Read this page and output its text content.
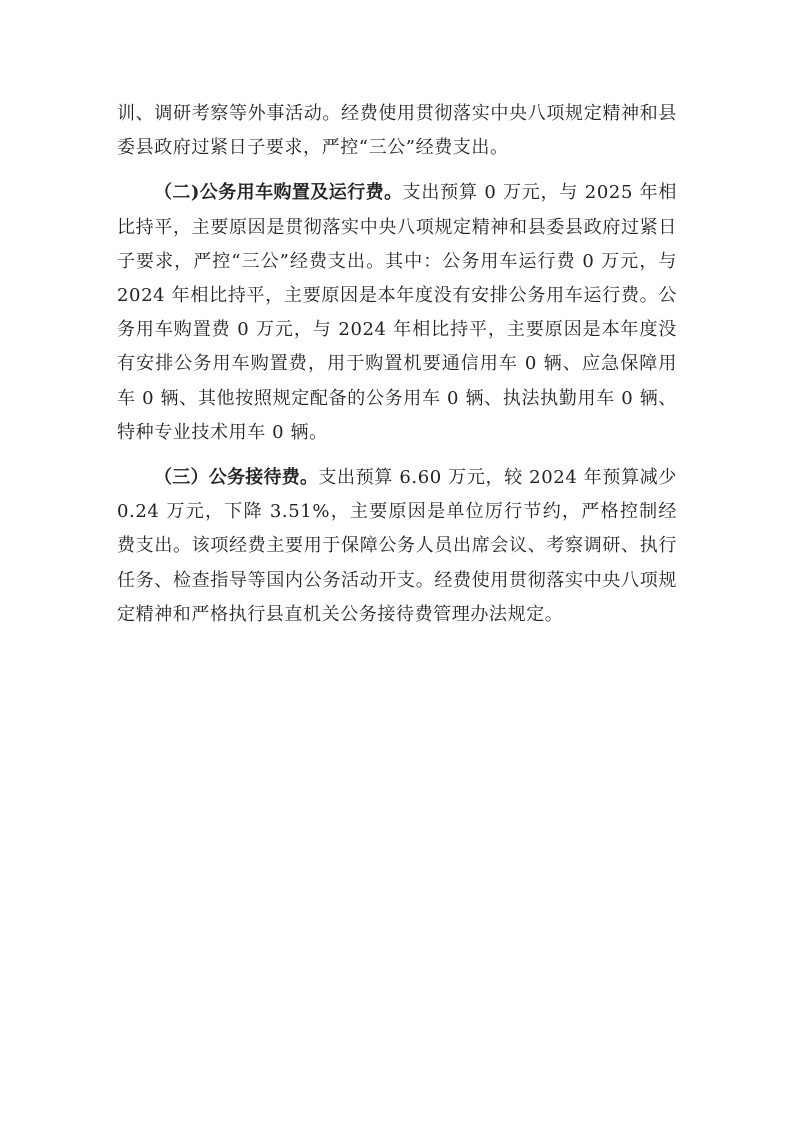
训、调研考察等外事活动。经费使用贯彻落实中央八项规定精神和县委县政府过紧日子要求，严控“三公”经费支出。

（二)公务用车购置及运行费。支出预算 0 万元，与 2025 年相比持平，主要原因是贯彻落实中央八项规定精神和县委县政府过紧日子要求，严控“三公”经费支出。其中：公务用车运行费 0 万元，与 2024 年相比持平，主要原因是本年度没有安排公务用车运行费。公务用车购置费 0 万元，与 2024 年相比持平，主要原因是本年度没有安排公务用车购置费，用于购置机要通信用车 0 辆、应急保障用车 0 辆、其他按照规定配备的公务用车 0 辆、执法执勤用车 0 辆、特种专业技术用车 0 辆。

（三）公务接待费。支出预算 6.60 万元，较 2024 年预算减少 0.24 万元，下降 3.51%，主要原因是单位厉行节约，严格控制经费支出。该项经费主要用于保障公务人员出席会议、考察调研、执行任务、检查指导等国内公务活动开支。经费使用贯彻落实中央八项规定精神和严格执行县直机关公务接待费管理办法规定。
